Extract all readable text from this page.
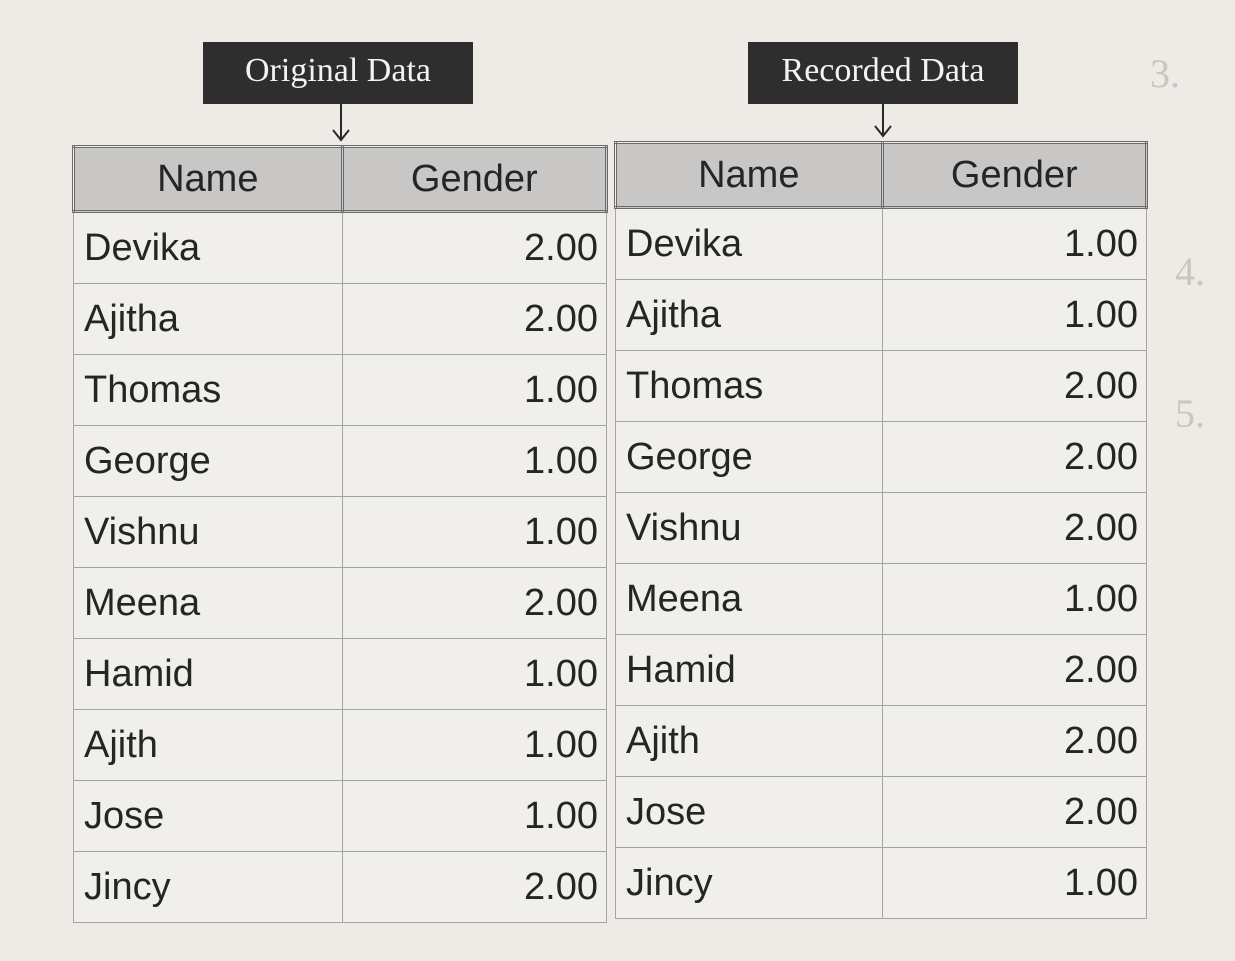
3.
4.
5.
Original Data	Recorded Data
Name	Gender
Devika	2.00
Ajitha	2.00
Thomas	1.00
George	1.00
Vishnu	1.00
Meena	2.00
Hamid	1.00
Ajith	1.00
Jose	1.00
Jincy	2.00
Name	Gender
Devika	1.00
Ajitha	1.00
Thomas	2.00
George	2.00
Vishnu	2.00
Meena	1.00
Hamid	2.00
Ajith	2.00
Jose	2.00
Jincy	1.00
